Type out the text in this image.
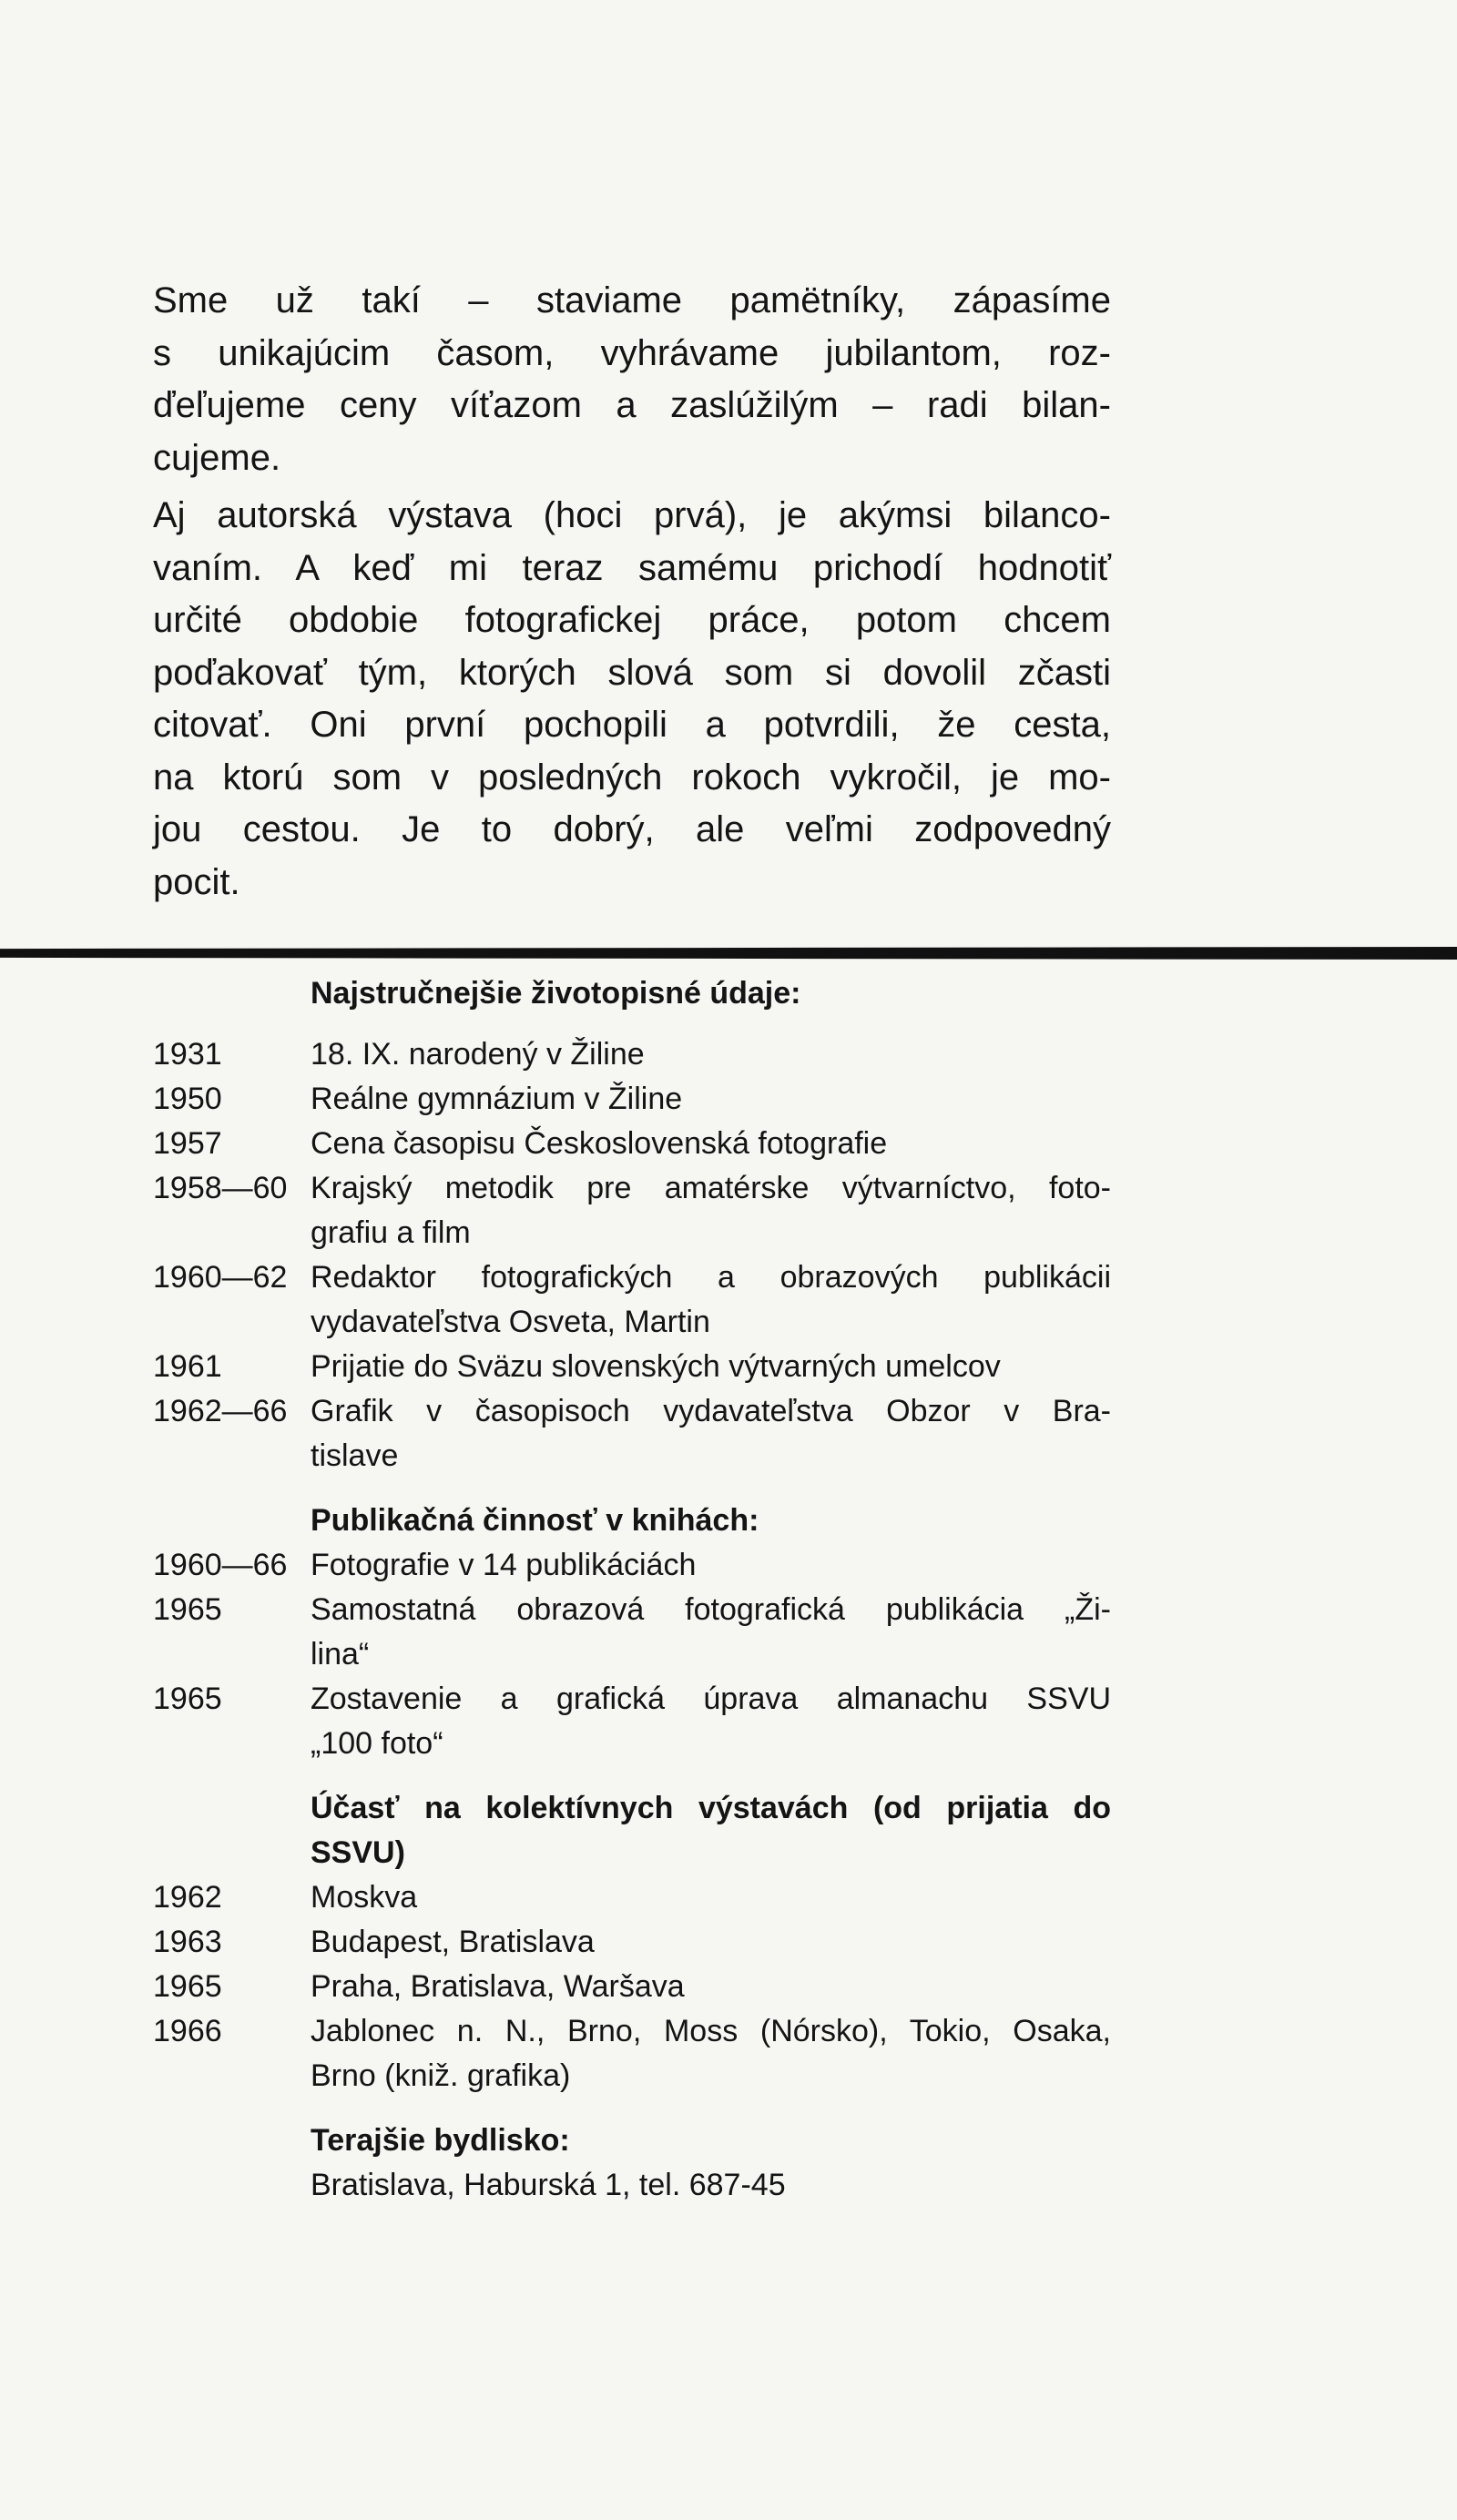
Sme už takí – staviame pamëtníky, zápasíme
s unikajúcim časom, vyhrávame jubilantom, roz-
ďeľujeme ceny víťazom a zaslúžilým – radi bilan-
cujeme.
Aj autorská výstava (hoci prvá), je akýmsi bilanco-
vaním. A keď mi teraz samému prichodí hodnotiť
určité obdobie fotografickej práce, potom chcem
poďakovať tým, ktorých slová som si dovolil zčasti
citovať. Oni první pochopili a potvrdili, že cesta,
na ktorú som v posledných rokoch vykročil, je mo-
jou cestou. Je to dobrý, ale veľmi zodpovedný
pocit.
Najstručnejšie životopisné údaje:
1931	18. IX. narodený v Žiline
1950	Reálne gymnázium v Žiline
1957	Cena časopisu Československá fotografie
1958—60 Krajský metodik pre amatérske výtvarníctvo, foto-
grafiu a film
1960—62 Redaktor fotografických a obrazových publikácii
vydavateľstva Osveta, Martin
1961	Prijatie do Sväzu slovenských výtvarných umelcov
1962—66 Grafik v časopisoch vydavateľstva Obzor v Bra-
tislave
Publikačná činnosť v knihách:
1960—66 Fotografie v 14 publikáciách
1965	Samostatná obrazová fotografická publikácia „Ži-
lina“
1965	Zostavenie a grafická úprava almanachu SSVU
„100 foto“
Účasť na kolektívnych výstavách (od prijatia do
SSVU)
1962	Moskva
1963	Budapest, Bratislava
1965	Praha, Bratislava, Waršava
1966	Jablonec n. N., Brno, Moss (Nórsko), Tokio, Osaka,
Brno (kniž. grafika)
Terajšie bydlisko:
Bratislava, Haburská 1, tel. 687-45
